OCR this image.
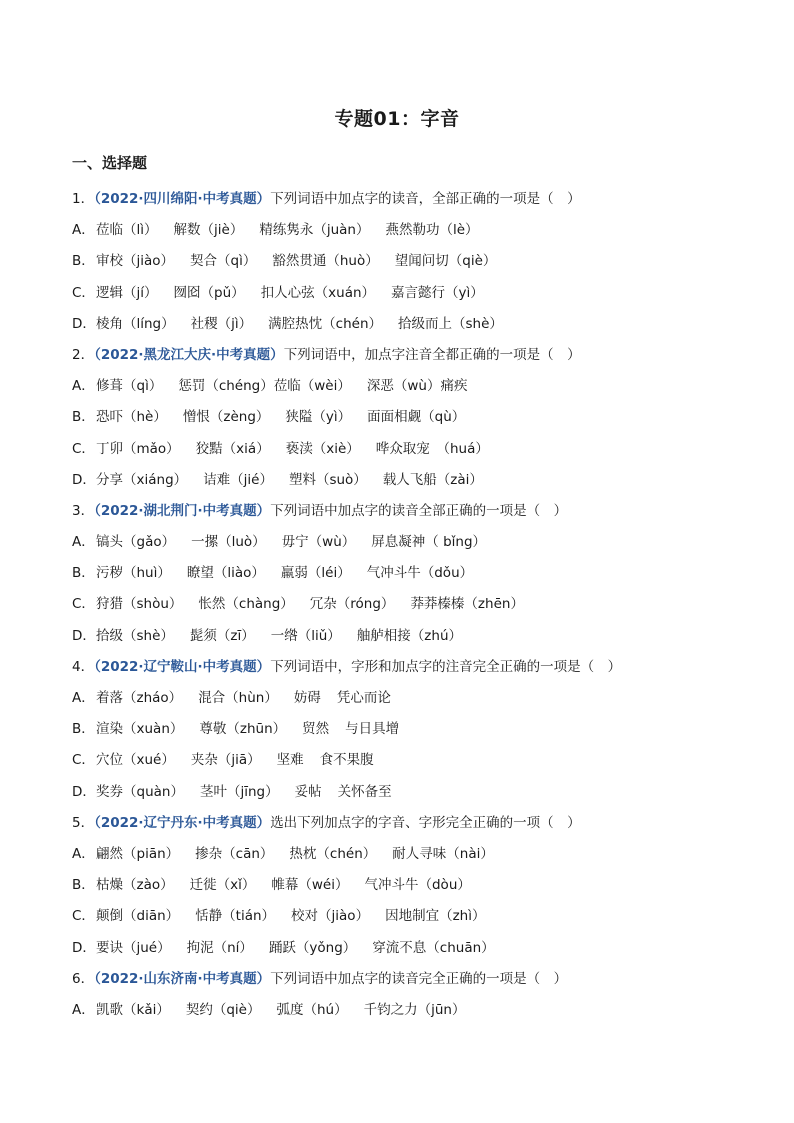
专题01：字音
一、选择题
1．（2022·四川绵阳·中考真题）下列词语中加点字的读音，全部正确的一项是（　）
A．莅临（lì） 解数（jiè） 精练隽永（juàn） 燕然勒功（lè）
B．审校（jiào） 契合（qì） 豁然贯通（huò） 望闻问切（qiè）
C．逻辑（jí） 囫囵（pǔ） 扣人心弦（xuán） 嘉言懿行（yì）
D．棱角（líng） 社稷（jì） 满腔热忱（chén） 拾级而上（shè）
2．（2022·黑龙江大庆·中考真题）下列词语中，加点字注音全都正确的一项是（　）
A．修葺（qì） 惩罚（chéng）莅临（wèi） 深恶（wù）痛疾
B．恐吓（hè） 憎恨（zèng） 狭隘（yì） 面面相觑（qù）
C．丁卯（mǎo） 狡黠（xiá） 亵渎（xiè） 哗众取宠　（huá）
D．分享（xiáng） 诘难（jié） 塑料（suò） 载人飞船（zài）
3．（2022·湖北荆门·中考真题）下列词语中加点字的读音全部正确的一项是（　）
A．镐头（gǎo） 一摞（luò） 毋宁（wù） 屏息凝神（ bǐng）
B．污秽（huì） 瞭望（liào） 羸弱（léi） 气冲斗牛（dǒu）
C．狩猎（shòu） 怅然（chàng） 冗杂（róng） 莽莽榛榛（zhēn）
D．拾级（shè） 髭须（zī） 一绺（liǔ） 舳舻相接（zhú）
4．（2022·辽宁鞍山·中考真题）下列词语中，字形和加点字的注音完全正确的一项是（　）
A．着落（zháo） 混合（hùn） 妨碍 凭心而论
B．渲染（xuàn） 尊敬（zhūn） 贸然 与日具增
C．穴位（xué） 夹杂（jiā） 坚难 食不果腹
D．奖券（quàn） 茎叶（jīng） 妥帖 关怀备至
5．（2022·辽宁丹东·中考真题）选出下列加点字的字音、字形完全正确的一项（　）
A．翩然（piān） 掺杂（cān） 热枕（chén） 耐人寻味（nài）
B．枯燥（zào） 迁徙（xǐ） 帷幕（wéi） 气冲斗牛（dòu）
C．颠倒（diān） 恬静（tián） 校对（jiào） 因地制宜（zhì）
D．要诀（jué） 拘泥（ní） 踊跃（yǒng） 穿流不息（chuān）
6．（2022·山东济南·中考真题）下列词语中加点字的读音完全正确的一项是（　）
A．凯歌（kǎi） 契约（qiè） 弧度（hú） 千钧之力（jūn）
